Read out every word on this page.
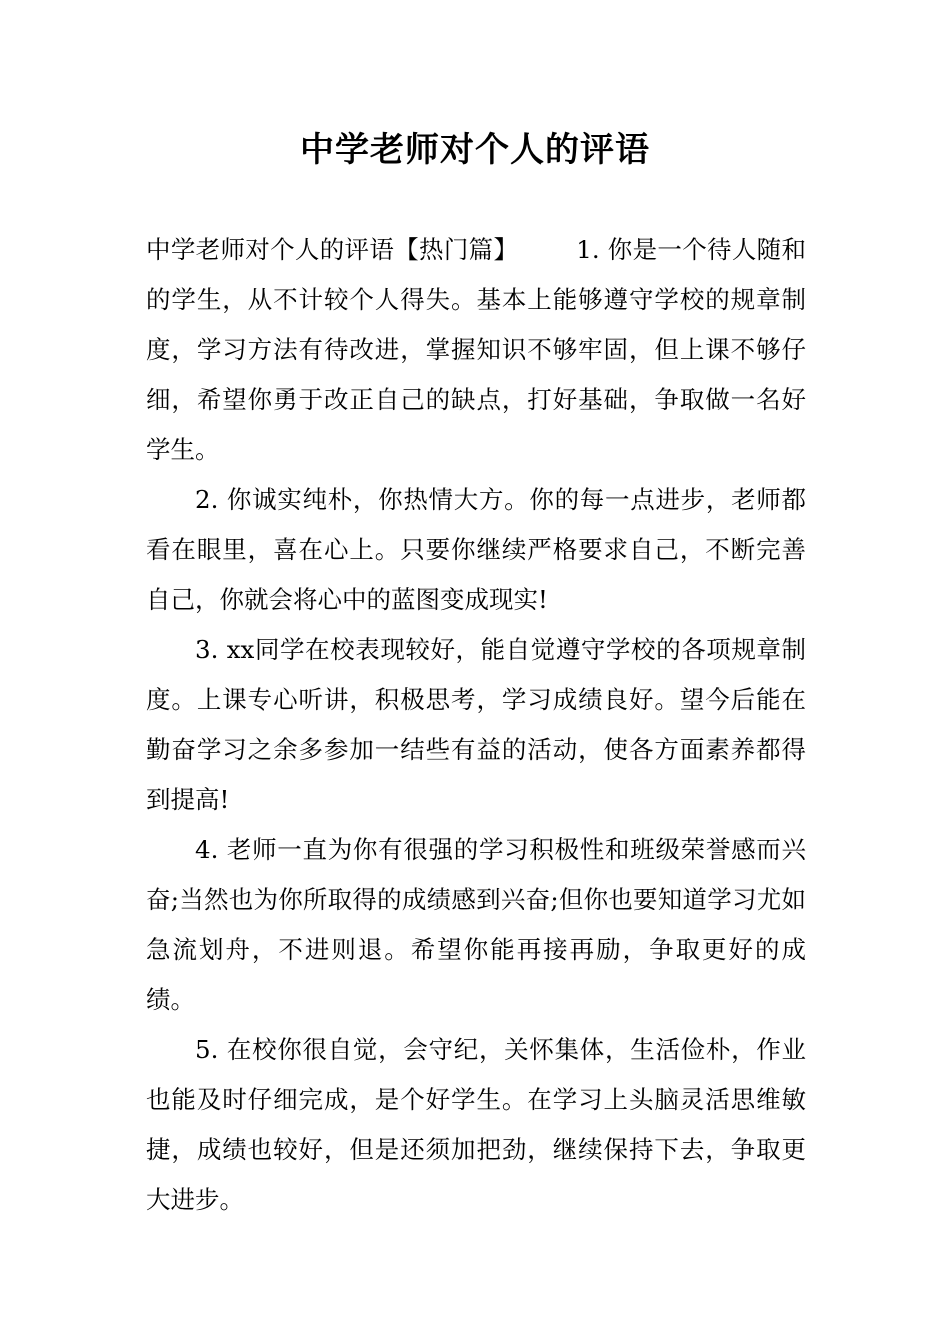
中学老师对个人的评语

中学老师对个人的评语【热门篇】 1. 你是一个待人随和的学生，从不计较个人得失。基本上能够遵守学校的规章制度，学习方法有待改进，掌握知识不够牢固，但上课不够仔细，希望你勇于改正自己的缺点，打好基础，争取做一名好学生。

2. 你诚实纯朴，你热情大方。你的每一点进步，老师都看在眼里，喜在心上。只要你继续严格要求自己，不断完善自己，你就会将心中的蓝图变成现实!

3. xx同学在校表现较好，能自觉遵守学校的各项规章制度。上课专心听讲，积极思考，学习成绩良好。望今后能在勤奋学习之余多参加一结些有益的活动，使各方面素养都得到提高!

4. 老师一直为你有很强的学习积极性和班级荣誉感而兴奋;当然也为你所取得的成绩感到兴奋;但你也要知道学习尤如急流划舟，不进则退。希望你能再接再励，争取更好的成绩。

5. 在校你很自觉，会守纪，关怀集体，生活俭朴，作业也能及时仔细完成，是个好学生。在学习上头脑灵活思维敏捷，成绩也较好，但是还须加把劲，继续保持下去，争取更大进步。
